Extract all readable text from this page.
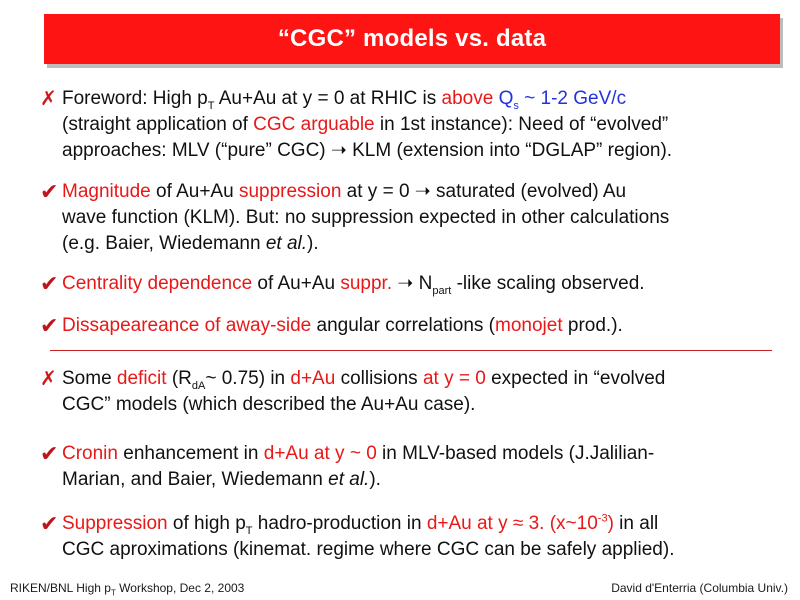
“CGC” models vs. data
✗ Foreword: High $p_T$ Au+Au at y = 0 at RHIC is above $Q_s$ ~ 1-2 GeV/c
(straight application of CGC arguable in 1st instance): Need of “evolved”
approaches: MLV (“pure” CGC) ➝ KLM (extension into “DGLAP” region).
✔ Magnitude of Au+Au suppression at y = 0 ➝ saturated (evolved) Au
wave function (KLM). But: no suppression expected in other calculations
(e.g. Baier, Wiedemann et al.).
✔ Centrality dependence of Au+Au suppr. ➝ $N_{part}$ -like scaling observed.
✔ Dissapeareance of away-side angular correlations (monojet prod.).
✗ Some deficit ($R_{dA}\sim$ 0.75) in d+Au collisions at y = 0 expected in “evolved
CGC” models (which described the Au+Au case).
✔ Cronin enhancement in d+Au at y ~ 0 in MLV-based models (J.Jalilian-
Marian, and Baier, Wiedemann et al.).
✔ Suppression of high $p_T$ hadro-production in d+Au at y ≈ 3. $(x\sim 10^{-3})$ in all
CGC aproximations (kinemat. regime where CGC can be safely applied).
RIKEN/BNL High $p_T$ Workshop, Dec 2, 2003	David d'Enterria (Columbia Univ.)
